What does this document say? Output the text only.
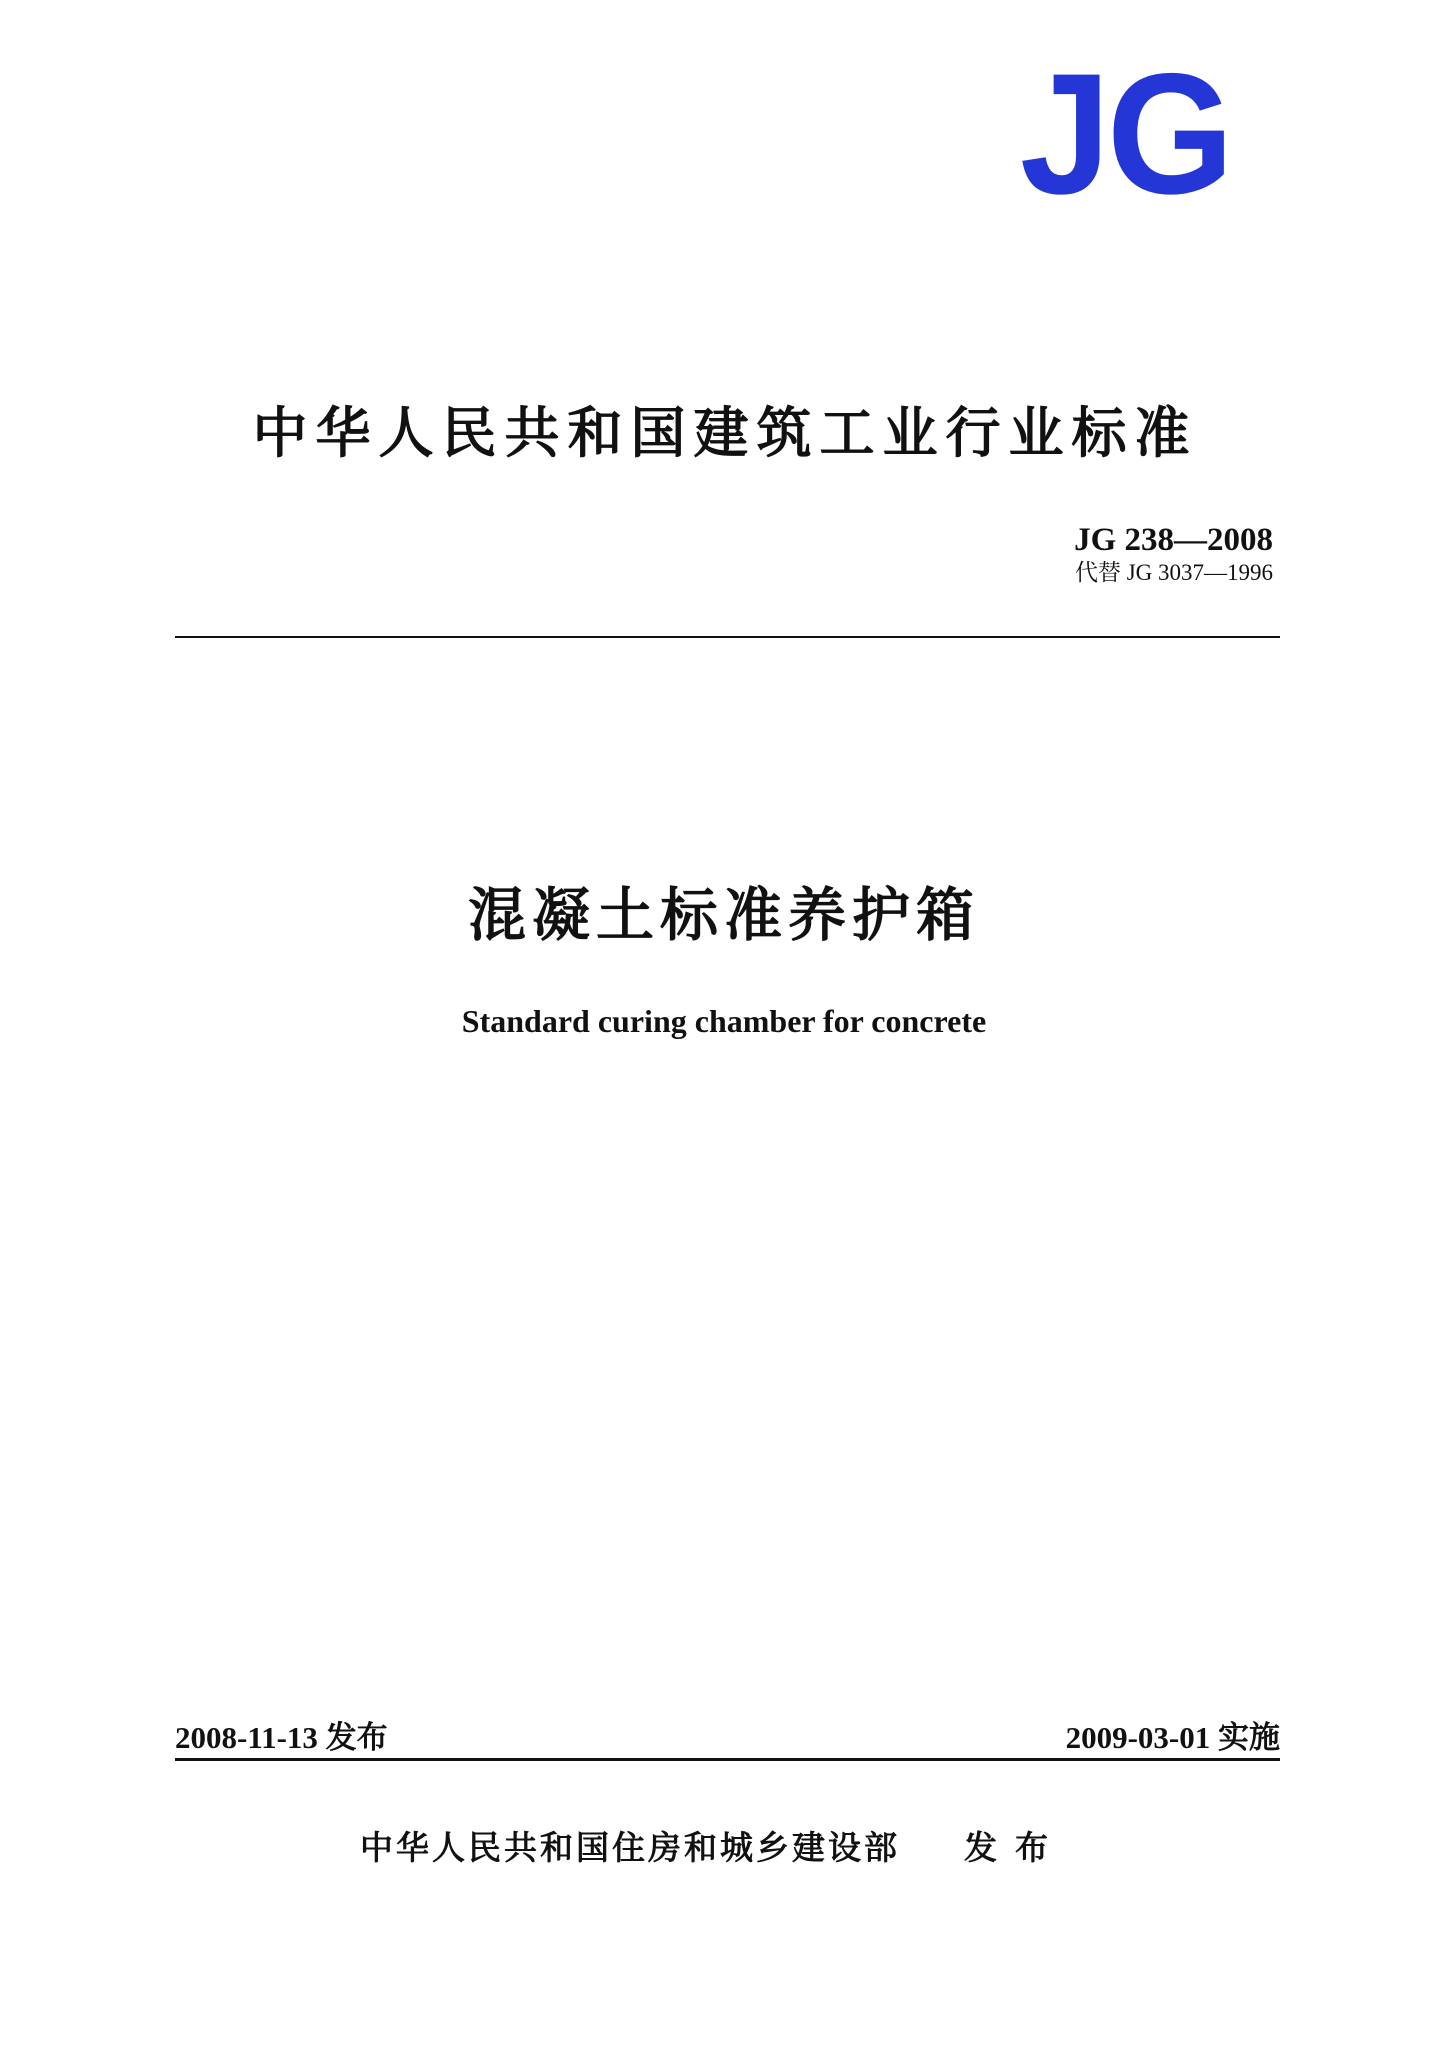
JG
中华人民共和国建筑工业行业标准
JG 238—2008
代替 JG 3037—1996
混凝土标准养护箱
Standard curing chamber for concrete
2008-11-13 发布	2009-03-01 实施
中华人民共和国住房和城乡建设部 发布
